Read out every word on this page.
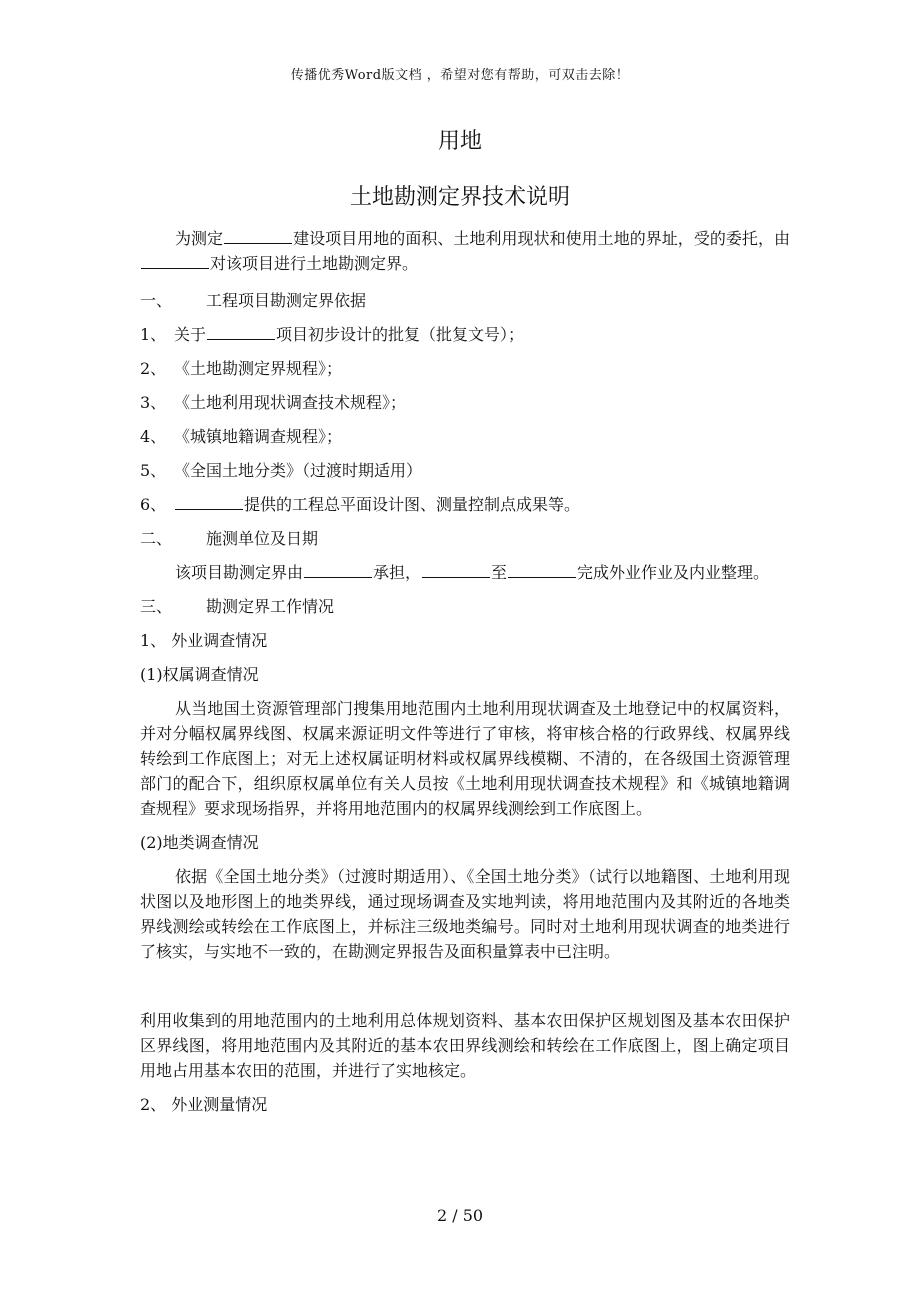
传播优秀Word版文档 ，希望对您有帮助，可双击去除！
用地
土地勘测定界技术说明

为测定	建设项目用地的面积、土地利用现状和使用土地的界址，受的委托，由对该项目进行土地勘测定界。

一、 工程项目勘测定界依据

1、 关于	项目初步设计的批复（批复文号）；

2、 《土地勘测定界规程》；

3、 《土地利用现状调查技术规程》；

4、 《城镇地籍调查规程》；

5、 《全国土地分类》（过渡时期适用）

6、	提供的工程总平面设计图、测量控制点成果等。

二、 施测单位及日期

该项目勘测定界由	承担，	至	完成外业作业及内业整理。

三、 勘测定界工作情况

1、 外业调查情况

(1)权属调查情况

从当地国土资源管理部门搜集用地范围内土地利用现状调查及土地登记中的权属资料，并对分幅权属界线图、权属来源证明文件等进行了审核，将审核合格的行政界线、权属界线转绘到工作底图上；对无上述权属证明材料或权属界线模糊、不清的，在各级国土资源管理部门的配合下，组织原权属单位有关人员按《土地利用现状调查技术规程》和《城镇地籍调查规程》要求现场指界，并将用地范围内的权属界线测绘到工作底图上。

(2)地类调查情况

依据《全国土地分类》（过渡时期适用）、《全国土地分类》（试行以地籍图、土地利用现状图以及地形图上的地类界线，通过现场调查及实地判读，将用地范围内及其附近的各地类界线测绘或转绘在工作底图上，并标注三级地类编号。同时对土地利用现状调查的地类进行了核实，与实地不一致的，在勘测定界报告及面积量算表中已注明。

利用收集到的用地范围内的土地利用总体规划资料、基本农田保护区规划图及基本农田保护区界线图，将用地范围内及其附近的基本农田界线测绘和转绘在工作底图上，图上确定项目用地占用基本农田的范围，并进行了实地核定。

2、 外业测量情况

2 / 50
